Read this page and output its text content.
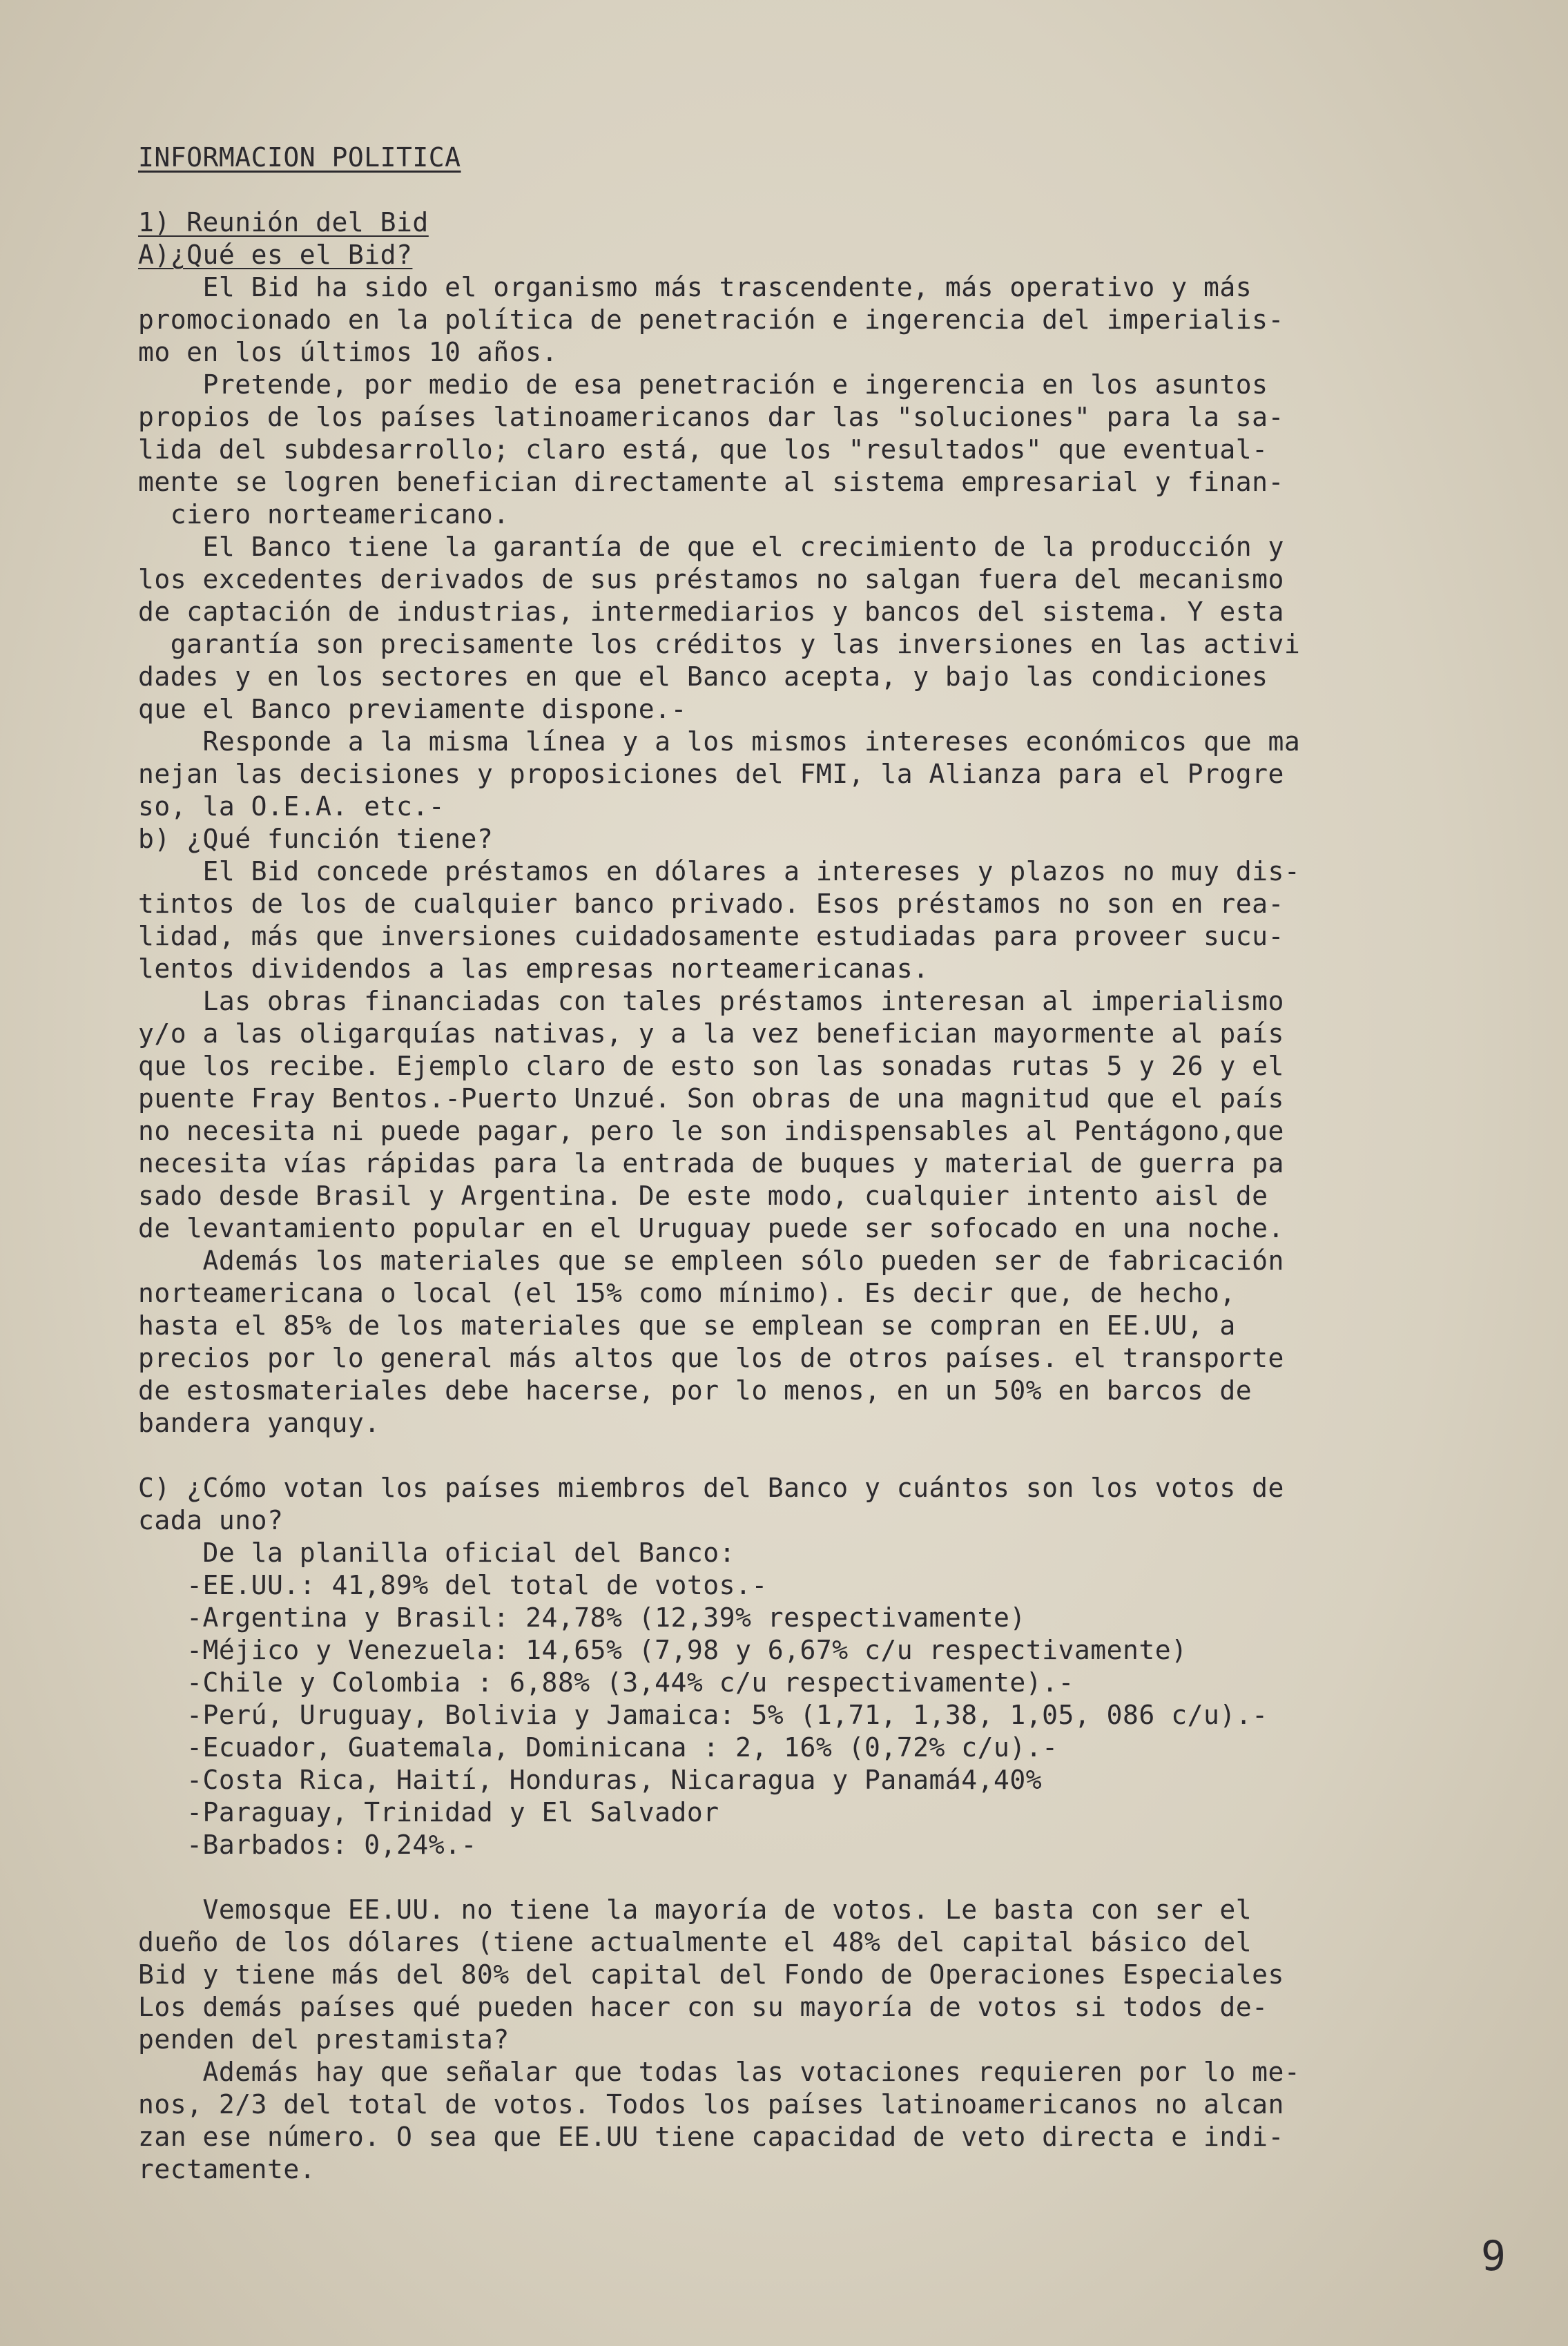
INFORMACION POLITICA
1) Reunión del Bid
A)¿Qué es el Bid?
El Bid ha sido el organismo más trascendente, más operativo y más
promocionado en la política de penetración e ingerencia del imperialis-
mo en los últimos 10 años.
Pretende, por medio de esa penetración e ingerencia en los asuntos
propios de los países latinoamericanos dar las "soluciones" para la sa-
lida del subdesarrollo; claro está, que los "resultados" que eventual-
mente se logren benefician directamente al sistema empresarial y finan-
ciero norteamericano.
El Banco tiene la garantía de que el crecimiento de la producción y
los excedentes derivados de sus préstamos no salgan fuera del mecanismo
de captación de industrias, intermediarios y bancos del sistema. Y esta
garantía son precisamente los créditos y las inversiones en las activi
dades y en los sectores en que el Banco acepta, y bajo las condiciones
que el Banco previamente dispone.-
Responde a la misma línea y a los mismos intereses económicos que ma
nejan las decisiones y proposiciones del FMI, la Alianza para el Progre
so, la O.E.A. etc.-
b) ¿Qué función tiene?
El Bid concede préstamos en dólares a intereses y plazos no muy dis-
tintos de los de cualquier banco privado. Esos préstamos no son en rea-
lidad, más que inversiones cuidadosamente estudiadas para proveer sucu-
lentos dividendos a las empresas norteamericanas.
Las obras financiadas con tales préstamos interesan al imperialismo
y/o a las oligarquías nativas, y a la vez benefician mayormente al país
que los recibe. Ejemplo claro de esto son las sonadas rutas 5 y 26 y el
puente Fray Bentos.-Puerto Unzué. Son obras de una magnitud que el país
no necesita ni puede pagar, pero le son indispensables al Pentágono,que
necesita vías rápidas para la entrada de buques y material de guerra pa
sado desde Brasil y Argentina. De este modo, cualquier intento aisl de
de levantamiento popular en el Uruguay puede ser sofocado en una noche.
Además los materiales que se empleen sólo pueden ser de fabricación
norteamericana o local (el 15% como mínimo). Es decir que, de hecho,
hasta el 85% de los materiales que se emplean se compran en EE.UU, a
precios por lo general más altos que los de otros países. el transporte
de estosmateriales debe hacerse, por lo menos, en un 50% en barcos de
bandera yanquy.
C) ¿Cómo votan los países miembros del Banco y cuántos son los votos de
cada uno?
De la planilla oficial del Banco:
-EE.UU.: 41,89% del total de votos.-
-Argentina y Brasil: 24,78% (12,39% respectivamente)
-Méjico y Venezuela: 14,65% (7,98 y 6,67% c/u respectivamente)
-Chile y Colombia : 6,88% (3,44% c/u respectivamente).-
-Perú, Uruguay, Bolivia y Jamaica: 5% (1,71, 1,38, 1,05, 086 c/u).-
-Ecuador, Guatemala, Dominicana : 2, 16% (0,72% c/u).-
-Costa Rica, Haití, Honduras, Nicaragua y Panamá4,40%
-Paraguay, Trinidad y El Salvador
-Barbados: 0,24%.-
Vemosque EE.UU. no tiene la mayoría de votos. Le basta con ser el
dueño de los dólares (tiene actualmente el 48% del capital básico del
Bid y tiene más del 80% del capital del Fondo de Operaciones Especiales
Los demás países qué pueden hacer con su mayoría de votos si todos de-
penden del prestamista?
Además hay que señalar que todas las votaciones requieren por lo me-
nos, 2/3 del total de votos. Todos los países latinoamericanos no alcan
zan ese número. O sea que EE.UU tiene capacidad de veto directa e indi-
rectamente.
9
